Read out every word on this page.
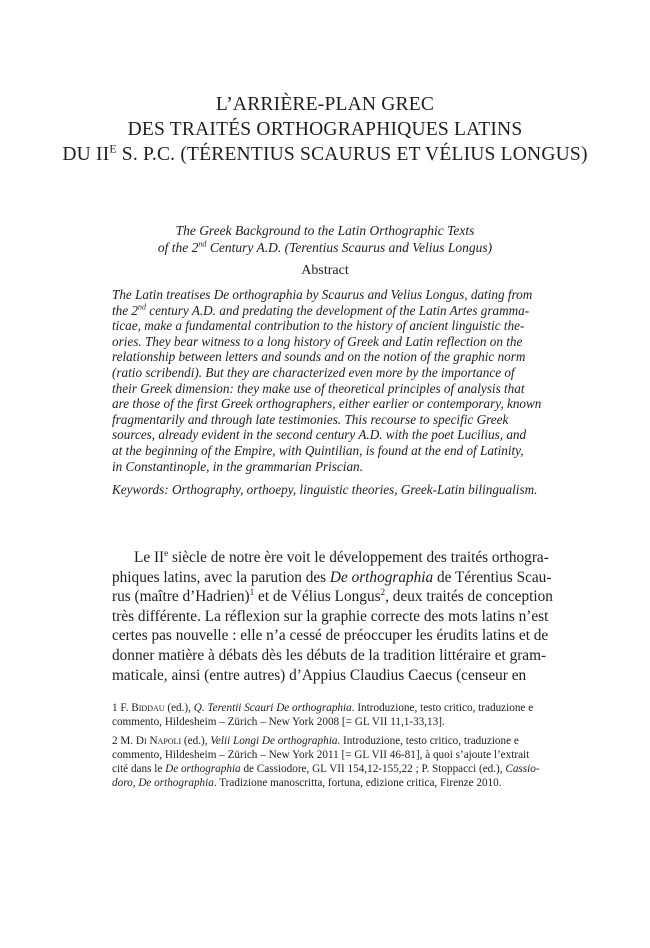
L’ARRIÈRE-PLAN GREC
DES TRAITÉS ORTHOGRAPHIQUES LATINS
DU $II^E$ S. P.C. (TÉRENTIUS SCAURUS ET VÉLIUS LONGUS)
The Greek Background to the Latin Orthographic Texts
of the 2nd Century A.D. (Terentius Scaurus and Velius Longus)
Abstract
The Latin treatises De orthographia by Scaurus and Velius Longus, dating from
the 2nd century A.D. and predating the development of the Latin Artes gramma-
ticae, make a fundamental contribution to the history of ancient linguistic the-
ories. They bear witness to a long history of Greek and Latin reflection on the
relationship between letters and sounds and on the notion of the graphic norm
(ratio scribendi). But they are characterized even more by the importance of
their Greek dimension: they make use of theoretical principles of analysis that
are those of the first Greek orthographers, either earlier or contemporary, known
fragmentarily and through late testimonies. This recourse to specific Greek
sources, already evident in the second century A.D. with the poet Lucilius, and
at the beginning of the Empire, with Quintilian, is found at the end of Latinity,
in Constantinople, in the grammarian Priscian.
Keywords: Orthography, orthoepy, linguistic theories, Greek-Latin bilingualism.
Le IIe siècle de notre ère voit le développement des traités orthogra-
phiques latins, avec la parution des De orthographia de Térentius Scau-
rus (maître d’Hadrien)$^1$ et de Vélius Longus$^2$, deux traités de conception
très différente. La réflexion sur la graphie correcte des mots latins n’est
certes pas nouvelle : elle n’a cessé de préoccuper les érudits latins et de
donner matière à débats dès les débuts de la tradition littéraire et gram-
maticale, ainsi (entre autres) d’Appius Claudius Caecus (censeur en
1 F. Biddau (ed.), Q. Terentii Scauri De orthographia. Introduzione, testo critico, traduzione e
commento, Hildesheim – Zürich – New York 2008 [= GL VII 11,1-33,13].
2 M. Di Napoli (ed.), Velii Longi De orthographia. Introduzione, testo critico, traduzione e
commento, Hildesheim – Zürich – New York 2011 [= GL VII 46-81], à quoi s’ajoute l’extrait
cité dans le De orthographia de Cassiodore, GL VII 154,12-155,22 ; P. Stoppacci (ed.), Cassio-
doro, De orthographia. Tradizione manoscritta, fortuna, edizione critica, Firenze 2010.
